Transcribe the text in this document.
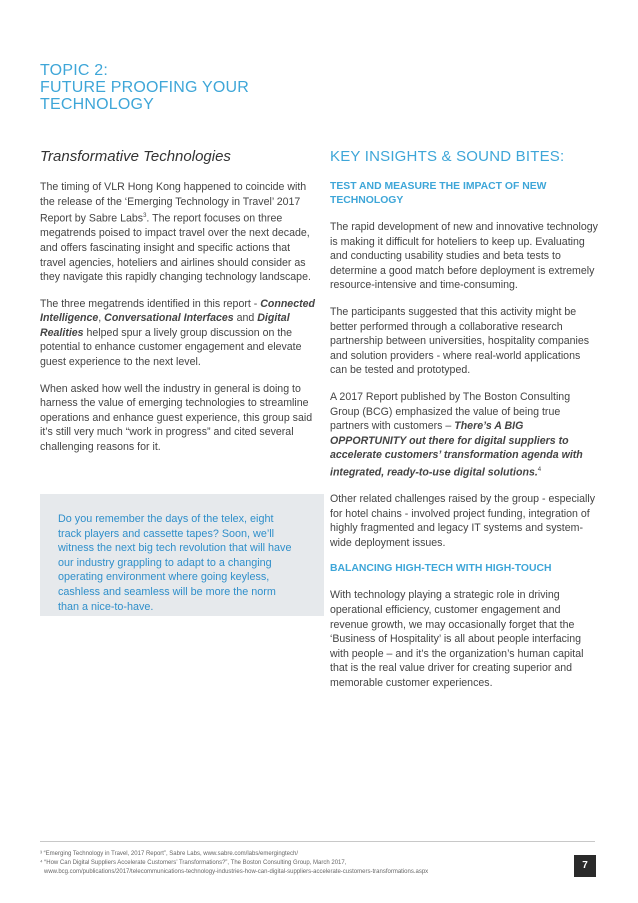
TOPIC 2:
FUTURE PROOFING YOUR
TECHNOLOGY
Transformative Technologies

The timing of VLR Hong Kong happened to coincide with the release of the ‘Emerging Technology in Travel’ 2017 Report by Sabre Labs$^3$. The report focuses on three megatrends poised to impact travel over the next decade, and offers fascinating insight and specific actions that travel agencies, hoteliers and airlines should consider as they navigate this rapidly changing technology landscape.

The three megatrends identified in this report - Connected Intelligence, Conversational Interfaces and Digital Realities helped spur a lively group discussion on the potential to enhance customer engagement and elevate guest experience to the next level.

When asked how well the industry in general is doing to harness the value of emerging technologies to streamline operations and enhance guest experience, this group said it’s still very much “work in progress” and cited several challenging reasons for it.

Do you remember the days of the telex, eight track players and cassette tapes? Soon, we’ll witness the next big tech revolution that will have our industry grappling to adapt to a changing operating environment where going keyless, cashless and seamless will be more the norm than a nice-to-have.
KEY INSIGHTS & SOUND BITES:
TEST AND MEASURE THE IMPACT OF NEW TECHNOLOGY

The rapid development of new and innovative technology is making it difficult for hoteliers to keep up. Evaluating and conducting usability studies and beta tests to determine a good match before deployment is extremely resource-intensive and time-consuming.

The participants suggested that this activity might be better performed through a collaborative research partnership between universities, hospitality companies and solution providers - where real-world applications can be tested and prototyped.

A 2017 Report published by The Boston Consulting Group (BCG) emphasized the value of being true partners with customers – There’s A BIG OPPORTUNITY out there for digital suppliers to accelerate customers’ transformation agenda with integrated, ready-to-use digital solutions.$^4$

Other related challenges raised by the group - especially for hotel chains - involved project funding, integration of highly fragmented and legacy IT systems and system-wide deployment issues.

BALANCING HIGH-TECH WITH HIGH-TOUCH

With technology playing a strategic role in driving operational efficiency, customer engagement and revenue growth, we may occasionally forget that the ‘Business of Hospitality’ is all about people interfacing with people – and it’s the organization’s human capital that is the real value driver for creating superior and memorable customer experiences.

³ “Emerging Technology in Travel, 2017 Report”, Sabre Labs, www.sabre.com/labs/emergingtech/
⁴ “How Can Digital Suppliers Accelerate Customers’ Transformations?”, The Boston Consulting Group, March 2017,
www.bcg.com/publications/2017/telecommunications-technology-industries-how-can-digital-suppliers-accelerate-customers-transformations.aspx
7
